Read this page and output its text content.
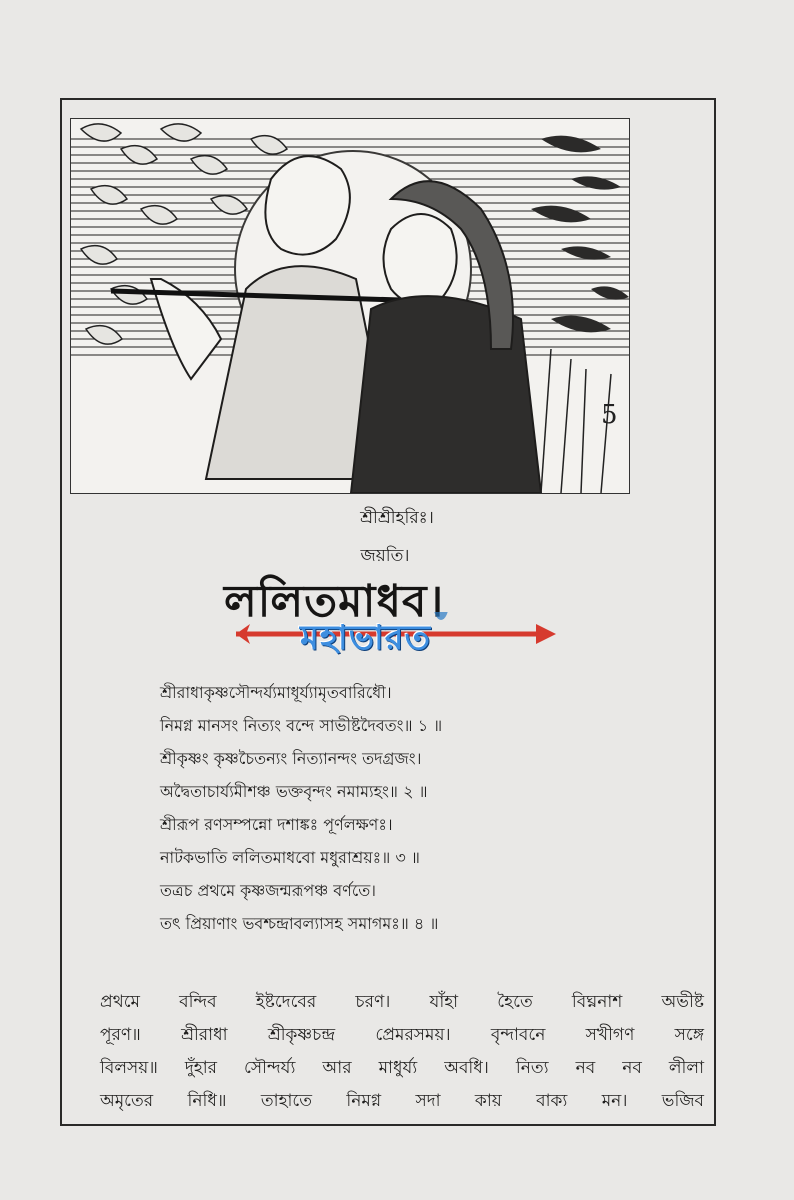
5
শ্রীশ্রীহরিঃ।
জয়তি।
ললিতমাধব।
মহাভারত
শ্রীরাধাকৃষ্ণসৌন্দর্য্যমাধূর্য্যামৃতবারিধৌ।
নিমগ্ন মানসং নিত্যং বন্দে সাভীষ্টদৈবতং॥ ১ ॥
শ্রীকৃষ্ণং কৃষ্ণচৈতন্যং নিত্যানন্দং তদগ্রজং।
অদ্বৈতাচার্য্যমীশঞ্চ ভক্তবৃন্দং নমাম্যহং॥ ২ ॥
শ্রীরূপ রণসম্পন্নো দশাঙ্কঃ পূর্ণলক্ষণঃ।
নাটকভাতি ললিতমাধবো মধুরাশ্রয়ঃ॥ ৩ ॥
তত্রচ প্রথমে কৃষ্ণজন্মরূপঞ্চ বর্ণতে।
তৎ প্রিয়াণাং ভবশ্চন্দ্রাবল্যাসহ সমাগমঃ॥ ৪ ॥
প্রথমে বন্দিব ইষ্টদেবের চরণ। যাঁহা হৈতে বিঘ্ননাশ অভীষ্ট
পূরণ॥ শ্রীরাধা শ্রীকৃষ্ণচন্দ্র প্রেমরসময়। বৃন্দাবনে সখীগণ সঙ্গে
বিলসয়॥ দুঁহার সৌন্দর্য্য আর মাধুর্য্য অবধি। নিত্য নব নব লীলা
অমৃতের নিধি॥ তাহাতে নিমগ্ন সদা কায় বাক্য মন। ভজিব
